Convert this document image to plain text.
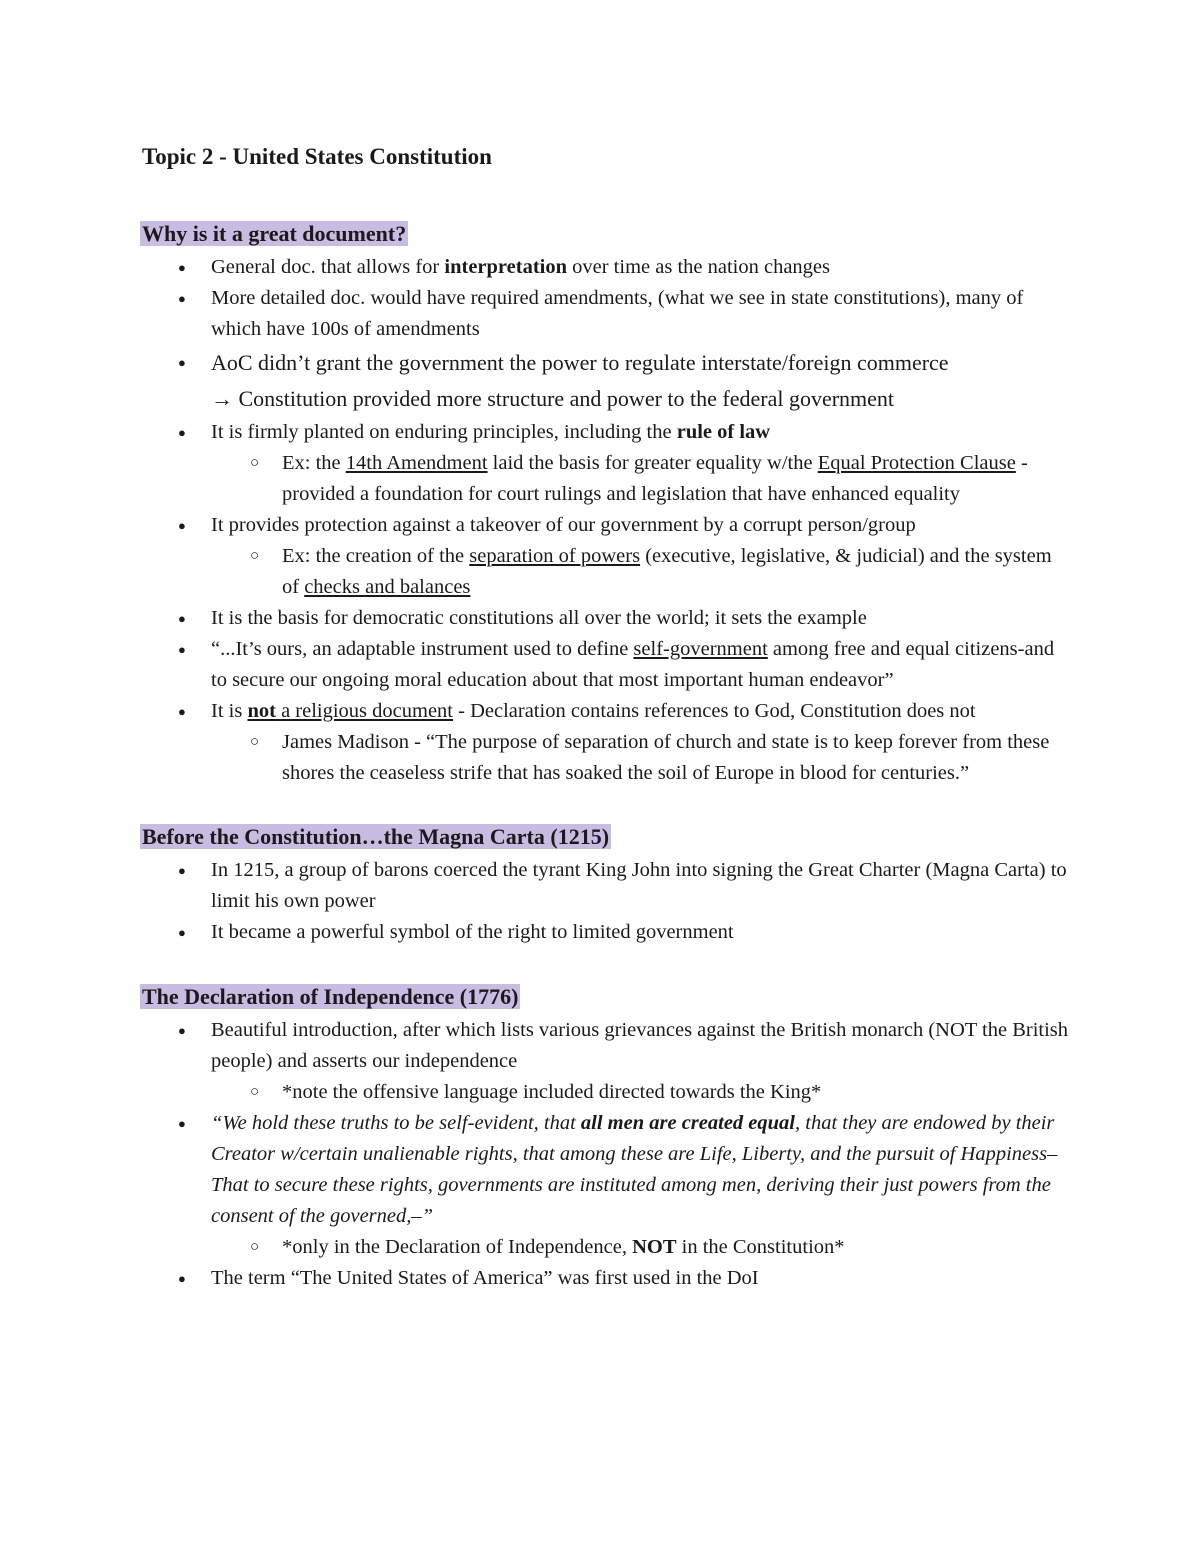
Topic 2 - United States Constitution
Why is it a great document?
● General doc. that allows for interpretation over time as the nation changes
● More detailed doc. would have required amendments, (what we see in state constitutions), many of which have 100s of amendments
● AoC didn’t grant the government the power to regulate interstate/foreign commerce
→ Constitution provided more structure and power to the federal government
● It is firmly planted on enduring principles, including the rule of law
○ Ex: the 14th Amendment laid the basis for greater equality w/the Equal Protection Clause - provided a foundation for court rulings and legislation that have enhanced equality
● It provides protection against a takeover of our government by a corrupt person/group
○ Ex: the creation of the separation of powers (executive, legislative, & judicial) and the system of checks and balances
● It is the basis for democratic constitutions all over the world; it sets the example
● “...It’s ours, an adaptable instrument used to define self-government among free and equal citizens-and to secure our ongoing moral education about that most important human endeavor”
● It is not a religious document - Declaration contains references to God, Constitution does not
○ James Madison - “The purpose of separation of church and state is to keep forever from these shores the ceaseless strife that has soaked the soil of Europe in blood for centuries.”
Before the Constitution…the Magna Carta (1215)
● In 1215, a group of barons coerced the tyrant King John into signing the Great Charter (Magna Carta) to limit his own power
● It became a powerful symbol of the right to limited government
The Declaration of Independence (1776)
● Beautiful introduction, after which lists various grievances against the British monarch (NOT the British people) and asserts our independence
○ *note the offensive language included directed towards the King*
● “We hold these truths to be self-evident, that all men are created equal, that they are endowed by their Creator w/certain unalienable rights, that among these are Life, Liberty, and the pursuit of Happiness–That to secure these rights, governments are instituted among men, deriving their just powers from the consent of the governed,–”
○ *only in the Declaration of Independence, NOT in the Constitution*
● The term “The United States of America” was first used in the DoI
